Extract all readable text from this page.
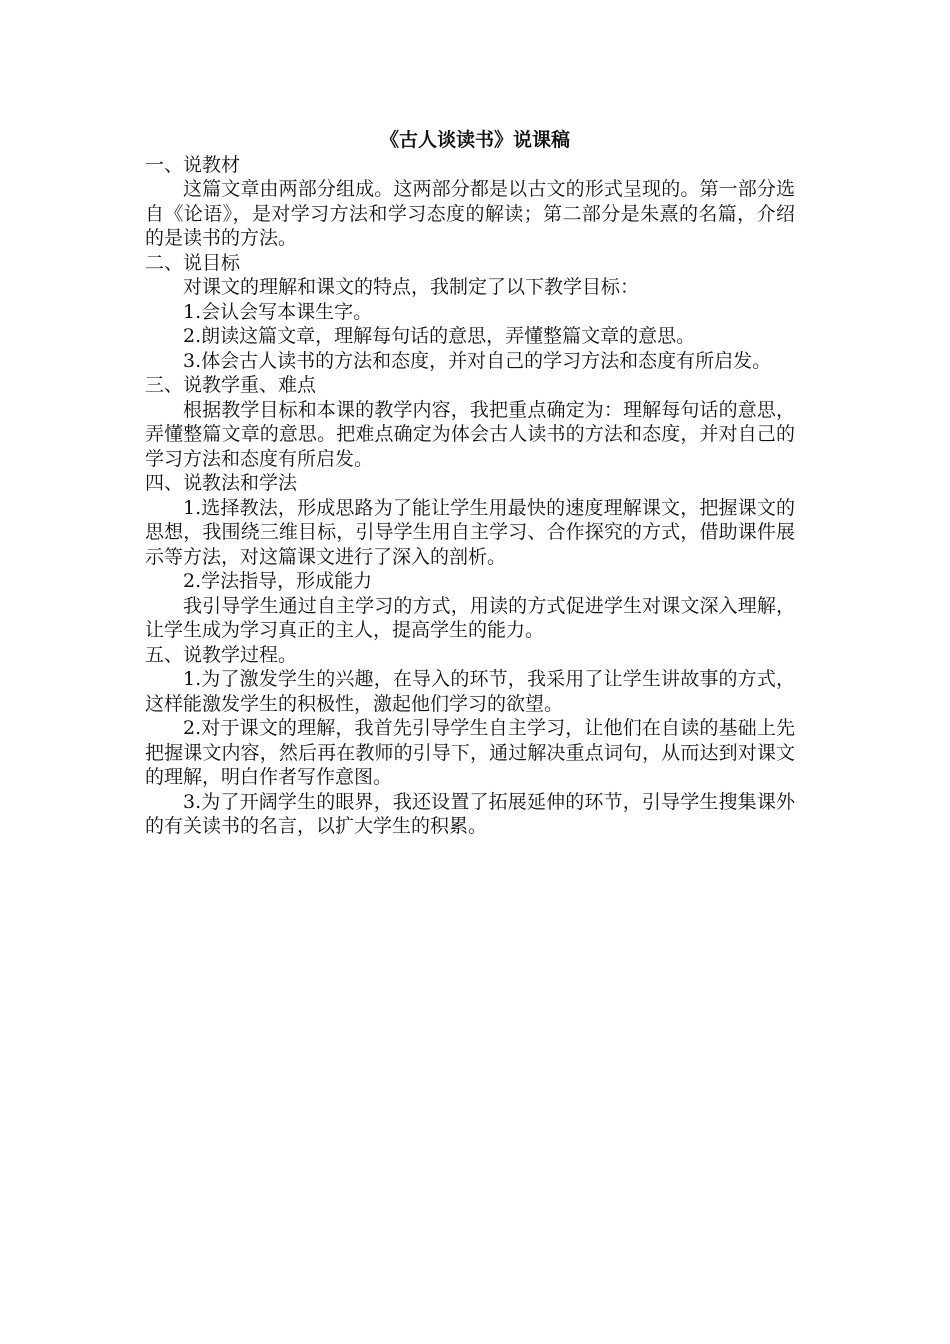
《古人谈读书》说课稿

一、说教材

这篇文章由两部分组成。这两部分都是以古文的形式呈现的。第一部分选自《论语》，是对学习方法和学习态度的解读；第二部分是朱熹的名篇，介绍的是读书的方法。

二、说目标

对课文的理解和课文的特点，我制定了以下教学目标：

1.会认会写本课生字。

2.朗读这篇文章，理解每句话的意思，弄懂整篇文章的意思。

3.体会古人读书的方法和态度，并对自己的学习方法和态度有所启发。

三、说教学重、难点

根据教学目标和本课的教学内容，我把重点确定为：理解每句话的意思，弄懂整篇文章的意思。把难点确定为体会古人读书的方法和态度，并对自己的学习方法和态度有所启发。

四、说教法和学法

1.选择教法，形成思路为了能让学生用最快的速度理解课文，把握课文的思想，我围绕三维目标，引导学生用自主学习、合作探究的方式，借助课件展示等方法，对这篇课文进行了深入的剖析。

2.学法指导，形成能力

我引导学生通过自主学习的方式，用读的方式促进学生对课文深入理解，让学生成为学习真正的主人，提高学生的能力。

五、说教学过程。

1.为了激发学生的兴趣，在导入的环节，我采用了让学生讲故事的方式，这样能激发学生的积极性，激起他们学习的欲望。

2.对于课文的理解，我首先引导学生自主学习，让他们在自读的基础上先把握课文内容，然后再在教师的引导下，通过解决重点词句，从而达到对课文的理解，明白作者写作意图。

3.为了开阔学生的眼界，我还设置了拓展延伸的环节，引导学生搜集课外的有关读书的名言，以扩大学生的积累。
